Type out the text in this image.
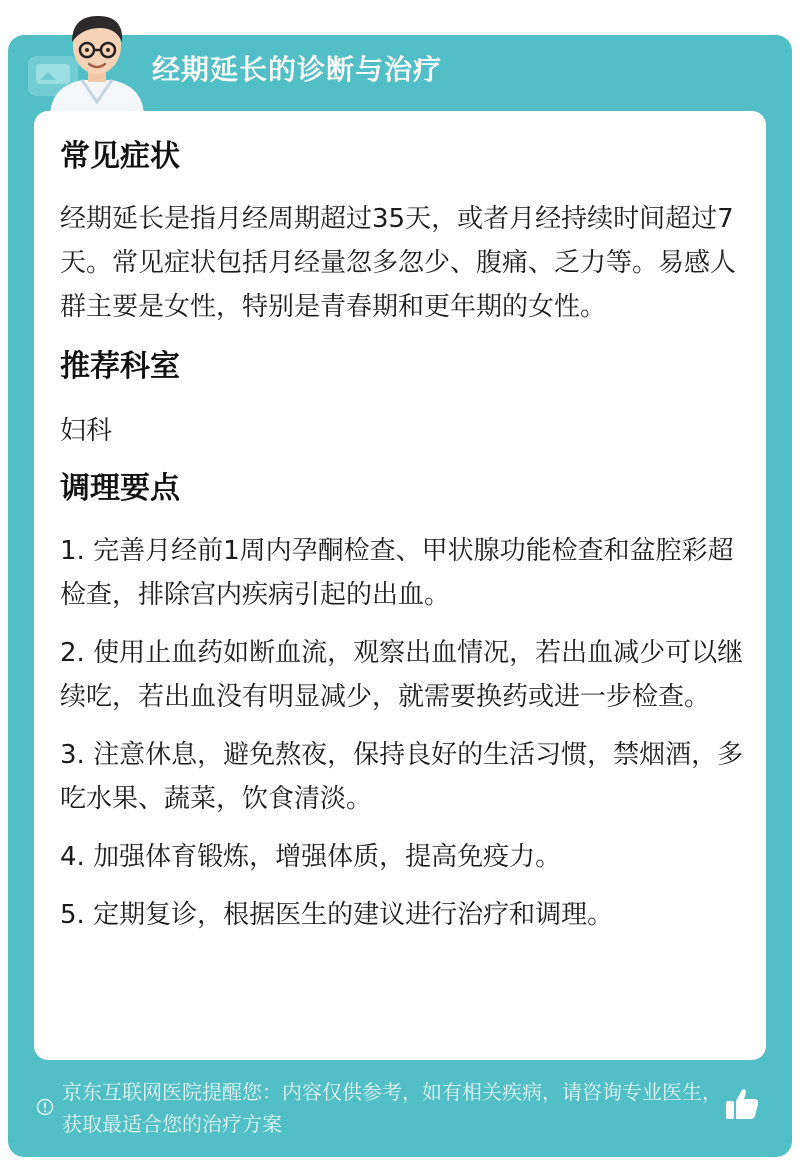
经期延长的诊断与治疗
常见症状

经期延长是指月经周期超过35天，或者月经持续时间超过7天。常见症状包括月经量忽多忽少、腹痛、乏力等。易感人群主要是女性，特别是青春期和更年期的女性。

推荐科室

妇科

调理要点

1. 完善月经前1周内孕酮检查、甲状腺功能检查和盆腔彩超检查，排除宫内疾病引起的出血。

2. 使用止血药如断血流，观察出血情况，若出血减少可以继续吃，若出血没有明显减少，就需要换药或进一步检查。

3. 注意休息，避免熬夜，保持良好的生活习惯，禁烟酒，多吃水果、蔬菜，饮食清淡。

4. 加强体育锻炼，增强体质，提高免疫力。

5. 定期复诊，根据医生的建议进行治疗和调理。

京东互联网医院提醒您：内容仅供参考，如有相关疾病，请咨询专业医生，获取最适合您的治疗方案
